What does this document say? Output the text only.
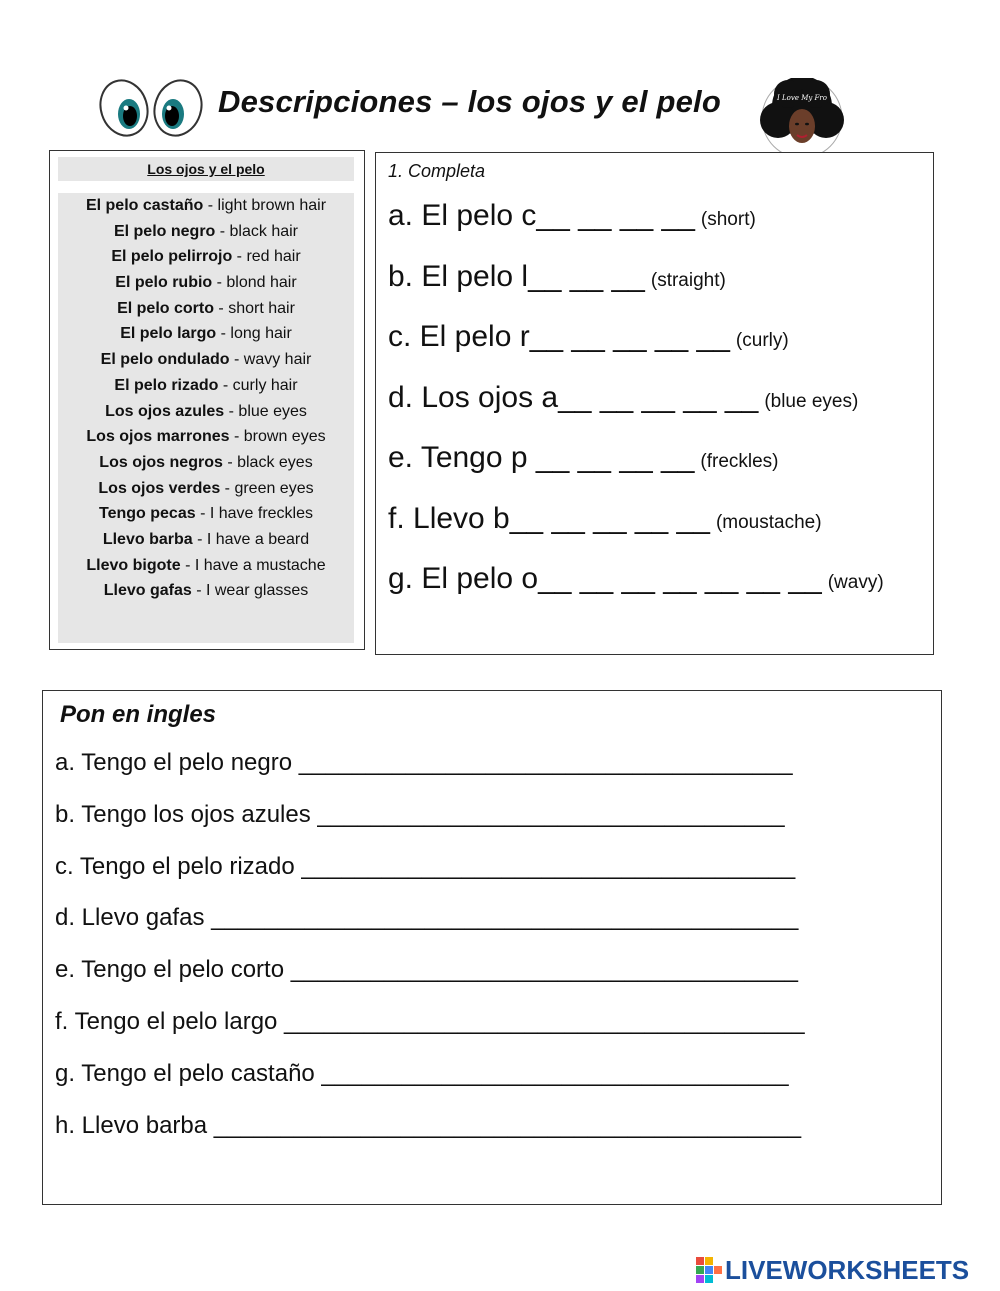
Descripciones – los ojos y el pelo	I Love My Fro
Los ojos y el pelo
El pelo castaño - light brown hair
El pelo negro - black hair
El pelo pelirrojo - red hair
El pelo rubio - blond hair
El pelo corto - short hair
El pelo largo - long hair
El pelo ondulado - wavy hair
El pelo rizado - curly hair
Los ojos azules - blue eyes
Los ojos marrones - brown eyes
Los ojos negros - black eyes
Los ojos verdes - green eyes
Tengo pecas - I have freckles
Llevo barba - I have a beard
Llevo bigote - I have a mustache
Llevo gafas - I wear glasses
1. Completa
a. El pelo c__ __ __ __ (short)
b. El pelo l__ __ __ (straight)
c. El pelo r__ __ __ __ __ (curly)
d. Los ojos a__ __ __ __ __ (blue eyes)
e. Tengo p __ __ __ __ (freckles)
f. Llevo b__ __ __ __ __ (moustache)
g. El pelo o__ __ __ __ __ __ __ (wavy)
Pon en ingles
a. Tengo el pelo negro _____________________________________
b. Tengo los ojos azules ___________________________________
c. Tengo el pelo rizado _____________________________________
d. Llevo gafas ____________________________________________
e. Tengo el pelo corto ______________________________________
f. Tengo el pelo largo _______________________________________
g. Tengo el pelo castaño ___________________________________
h. Llevo barba ____________________________________________
LIVEWORKSHEETS
